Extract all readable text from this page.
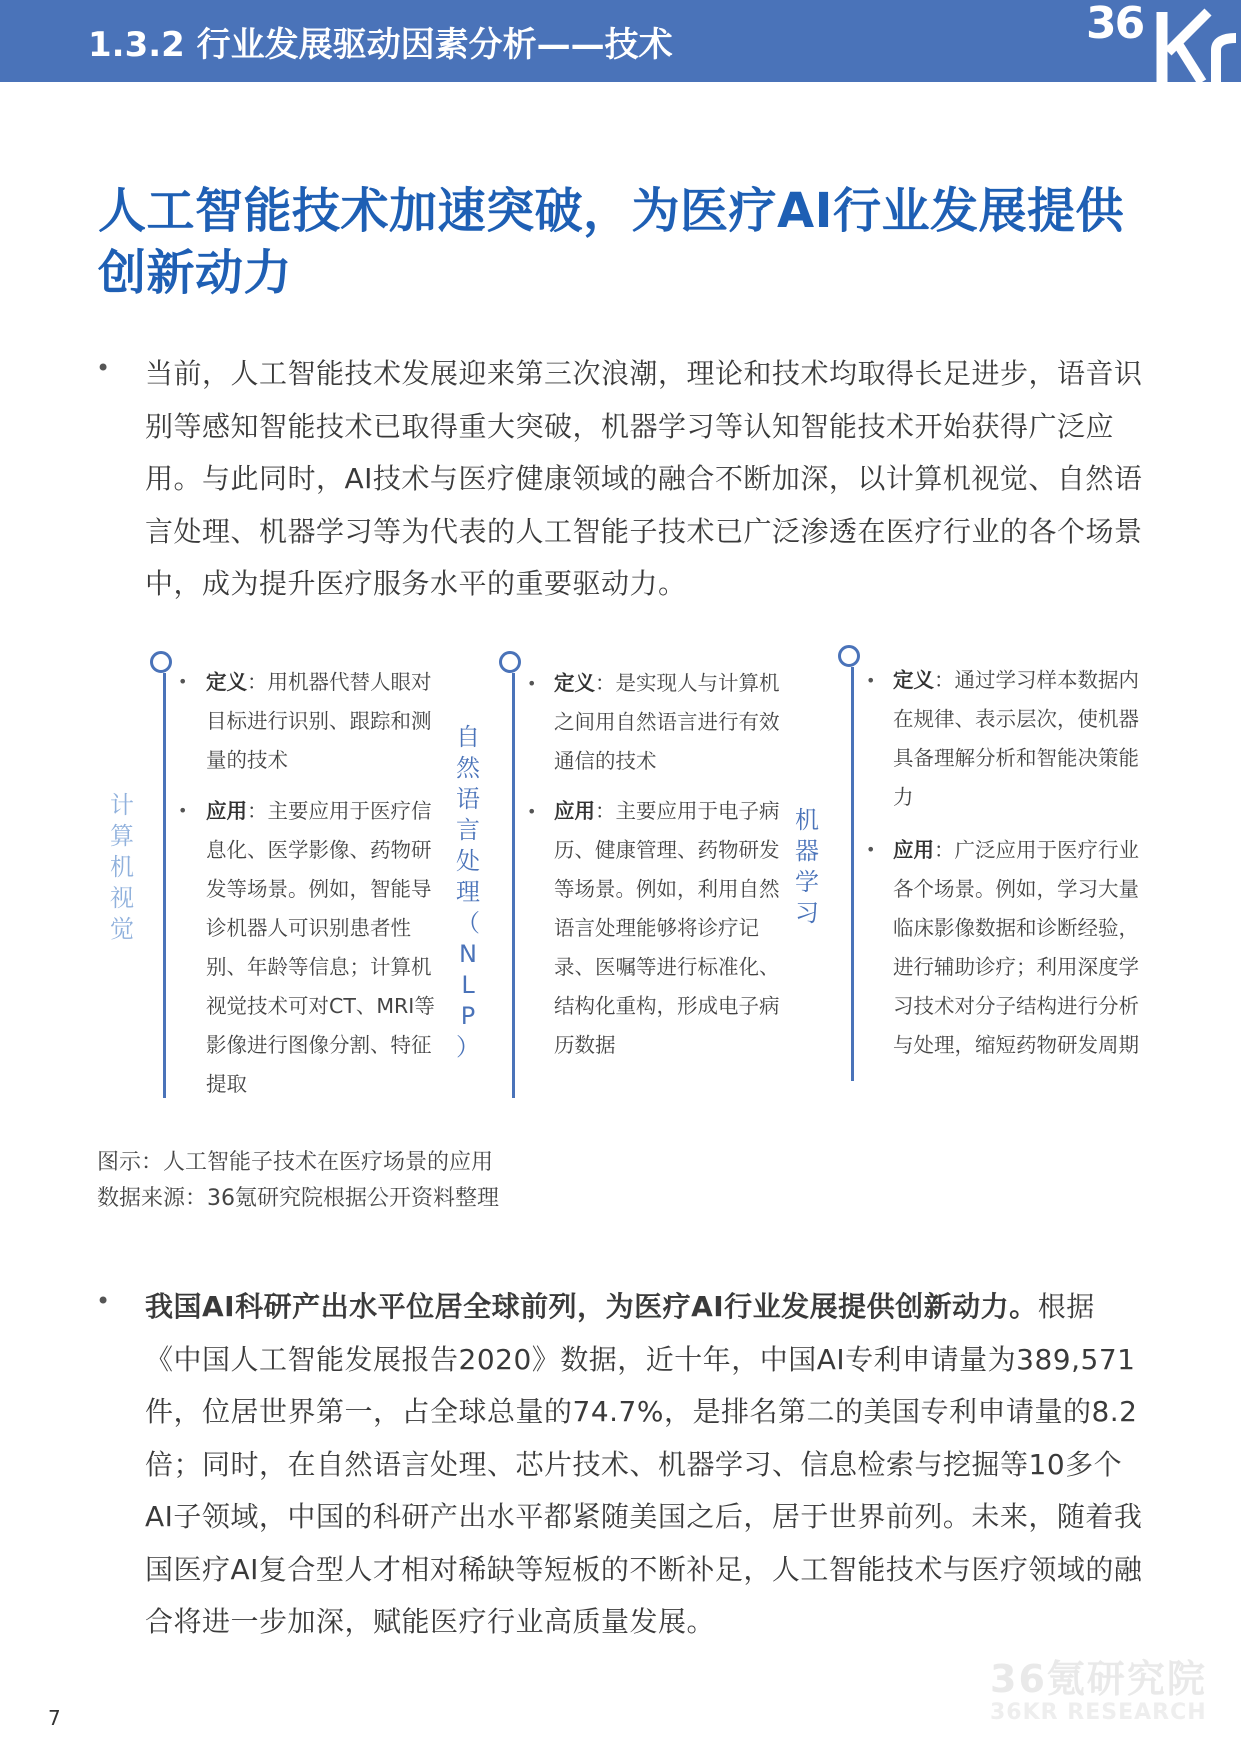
1.3.2 行业发展驱动因素分析——技术	36
人工智能技术加速突破，为医疗AI行业发展提供创新动力
• 当前，人工智能技术发展迎来第三次浪潮，理论和技术均取得长足进步，语音识别等感知智能技术已取得重大突破，机器学习等认知智能技术开始获得广泛应用。与此同时，AI技术与医疗健康领域的融合不断加深，以计算机视觉、自然语言处理、机器学习等为代表的人工智能子技术已广泛渗透在医疗行业的各个场景中，成为提升医疗服务水平的重要驱动力。
计
算
机
视
觉
• 定义：用机器代替人眼对目标进行识别、跟踪和测量的技术
• 应用：主要应用于医疗信息化、医学影像、药物研发等场景。例如，智能导诊机器人可识别患者性别、年龄等信息；计算机视觉技术可对CT、MRI等影像进行图像分割、特征提取
自
然
语
言
处
理
（
N
L
P
）
• 定义：是实现人与计算机之间用自然语言进行有效通信的技术
• 应用：主要应用于电子病历、健康管理、药物研发等场景。例如，利用自然语言处理能够将诊疗记录、医嘱等进行标准化、结构化重构，形成电子病历数据
机
器
学
习
• 定义：通过学习样本数据内在规律、表示层次，使机器具备理解分析和智能决策能力
• 应用：广泛应用于医疗行业各个场景。例如，学习大量临床影像数据和诊断经验，进行辅助诊疗；利用深度学习技术对分子结构进行分析与处理，缩短药物研发周期
图示：人工智能子技术在医疗场景的应用
数据来源：36氪研究院根据公开资料整理
• 我国AI科研产出水平位居全球前列，为医疗AI行业发展提供创新动力。根据《中国人工智能发展报告2020》数据，近十年，中国AI专利申请量为389,571件，位居世界第一，占全球总量的74.7%，是排名第二的美国专利申请量的8.2倍；同时，在自然语言处理、芯片技术、机器学习、信息检索与挖掘等10多个AI子领域，中国的科研产出水平都紧随美国之后，居于世界前列。未来，随着我国医疗AI复合型人才相对稀缺等短板的不断补足，人工智能技术与医疗领域的融合将进一步加深，赋能医疗行业高质量发展。
36氪研究院
36KR RESEARCH
7
